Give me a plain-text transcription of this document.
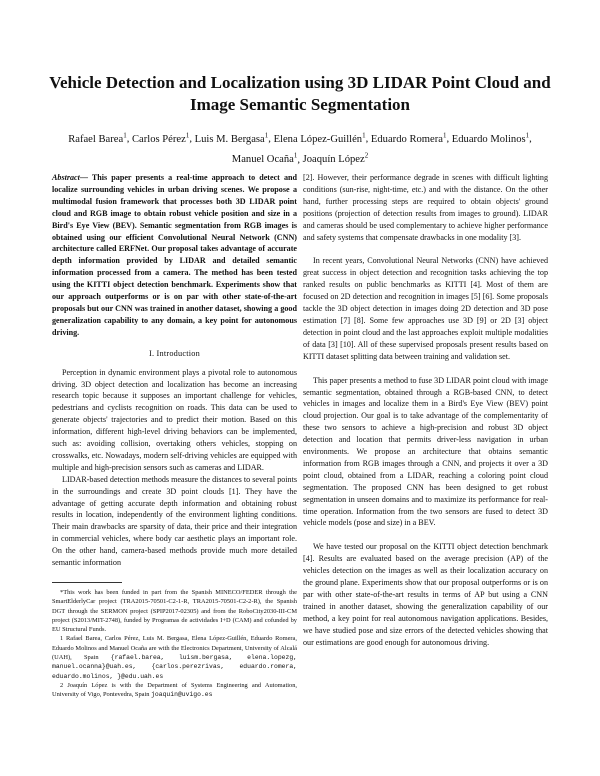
Vehicle Detection and Localization using 3D LIDAR Point Cloud and Image Semantic Segmentation
Rafael Barea$^1$, Carlos Pérez$^1$, Luis M. Bergasa$^1$, Elena López-Guillén$^1$, Eduardo Romera$^1$, Eduardo Molinos$^1$,
Manuel Ocaña$^1$, Joaquín López$^2$

Abstract— This paper presents a real-time approach to detect and localize surrounding vehicles in urban driving scenes. We propose a multimodal fusion framework that processes both 3D LIDAR point cloud and RGB image to obtain robust vehicle position and size in a Bird's Eye View (BEV). Semantic segmentation from RGB images is obtained using our efficient Convolutional Neural Network (CNN) architecture called ERFNet. Our proposal takes advantage of accurate depth information provided by LIDAR and detailed semantic information processed from a camera. The method has been tested using the KITTI object detection benchmark. Experiments show that our approach outperforms or is on par with other state-of-the-art proposals but our CNN was trained in another dataset, showing a good generalization capability to any domain, a key point for autonomous driving.

I. Introduction

Perception in dynamic environment plays a pivotal role to autonomous driving. 3D object detection and localization has become an increasing research topic because it supposes an important challenge for vehicles, pedestrians and cyclists recognition on roads. This data can be used to generate objects' trajectories and to predict their motion. Based on this information, different high-level driving behaviors can be implemented, such as: avoiding collision, overtaking others vehicles, stopping on crosswalks, etc. Nowadays, modern self-driving vehicles are equipped with multiple and high-precision sensors such as cameras and LIDAR.

LIDAR-based detection methods measure the distances to several points in the surroundings and create 3D point clouds [1]. They have the advantage of getting accurate depth information and obtaining robust results in location, independently of the environment lighting conditions. Their main drawbacks are sparsity of data, their price and their integration in commercial vehicles, where body car aesthetic plays an important role. On the other hand, camera-based methods provide much more detailed semantic information

*This work has been funded in part from the Spanish MINECO/FEDER through the SmartElderlyCar project (TRA2015-70501-C2-1-R, TRA2015-70501-C2-2-R), the Spanish DGT through the SERMON project (SPIP2017-02305) and from the RoboCity2030-III-CM project (S2013/MIT-2748), funded by Programas de actividades I+D (CAM) and cofunded by EU Structural Funds.

1 Rafael Barea, Carlos Pérez, Luis M. Bergasa, Elena López-Guillén, Eduardo Romera, Eduardo Molinos and Manuel Ocaña are with the Electronics Department, University of Alcalá (UAH), Spain {rafael.barea, luism.bergasa, elena.lopezg, manuel.ocanna}@uah.es, {carlos.perezrivas, eduardo.romera, eduardo.molinos, }@edu.uah.es

2 Joaquín López is with the Department of Systems Engineering and Automation, University of Vigo, Pontevedra, Spain joaquin@uvigo.es

[2]. However, their performance degrade in scenes with difficult lighting conditions (sun-rise, night-time, etc.) and with the distance. On the other hand, further processing steps are required to obtain objects' ground positions (projection of detection results from images to ground). LIDAR and cameras should be used complementary to achieve higher performance and safety systems that compensate drawbacks in one modality [3].

In recent years, Convolutional Neural Networks (CNN) have achieved great success in object detection and recognition tasks achieving the top ranked results on public benchmarks as KITTI [4]. Most of them are focused on 2D detection and recognition in images [5] [6]. Some proposals tackle the 3D object detection in images doing 2D detection and 3D pose estimation [7] [8]. Some few approaches use 3D [9] or 2D [3] object detection in point cloud and the last approaches exploit multiple modalities of data [3] [10]. All of these supervised proposals present results based on KITTI dataset splitting data between training and validation set.

This paper presents a method to fuse 3D LIDAR point cloud with image semantic segmentation, obtained through a RGB-based CNN, to detect vehicles in images and localize them in a Bird's Eye View (BEV) point cloud projection. Our goal is to take advantage of the complementarity of these two sensors to achieve a high-precision and robust 3D object detection and location that permits driver-less navigation in urban environments. We propose an architecture that obtains semantic information from RGB images through a CNN, and projects it over a 3D point cloud, obtained from a LIDAR, reaching a coloring point cloud segmentation. The proposed CNN has been designed to get robust segmentation in unseen domains and to maximize its performance for real-time operation. Information from the two sensors are fused to detect 3D vehicle models (pose and size) in a BEV.

We have tested our proposal on the KITTI object detection benchmark [4]. Results are evaluated based on the average precision (AP) of the vehicles detection on the images as well as their localization accuracy on the ground plane. Experiments show that our proposal outperforms or is on par with other state-of-the-art results in terms of AP but using a CNN trained in another dataset, showing the generalization capability of our method, a key point for real autonomous navigation applications. Besides, we have studied pose and size errors of the detected vehicles showing that our estimations are good enough for autonomous driving.
